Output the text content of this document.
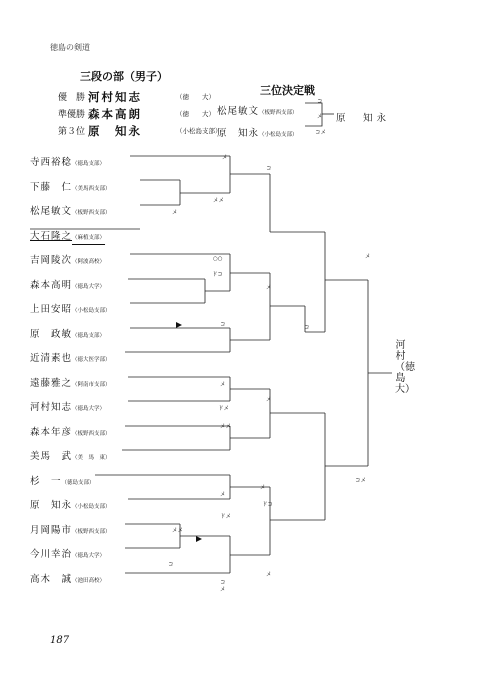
徳島の剣道
三段の部（男子）
優　勝 河村知志	（徳　　大）
準優勝 森本高朗	（徳　　大）
第３位 原　知永	（小松島支部）
三位決定戦
松尾敏文（板野西支部）
原　知永（小松島支部）
コ
メ
コメ
原　知永
寺西裕稔（徳島支部）
下藤　仁（美馬西支部）
松尾敏文（板野西支部）
大石隆之（麻植支部）
吉岡陵次（阿波高校）
森本高明（徳島大学）
上田安昭（小松島支部）
原　政敏（徳島支部）
近清素也（徳大医学部）
遠藤雅之（阿南市支部）
河村知志（徳島大学）
森本年彦（板野西支部）
美馬　武（美　馬　東）
杉　一（徳島支部）
原　知永（小松島支部）
月岡陽市（板野西支部）
今川幸治（徳島大学）
高木　誠（池田高校）
メ
コ
メメ
メ
ドコ
○○
メ
コ
メ
コ
メ
ドメ
メメ
メ
コメ
メ
メ
ドメ
メメ
コ
メ
メ
ドコ
コ
河村（徳島大）
187
